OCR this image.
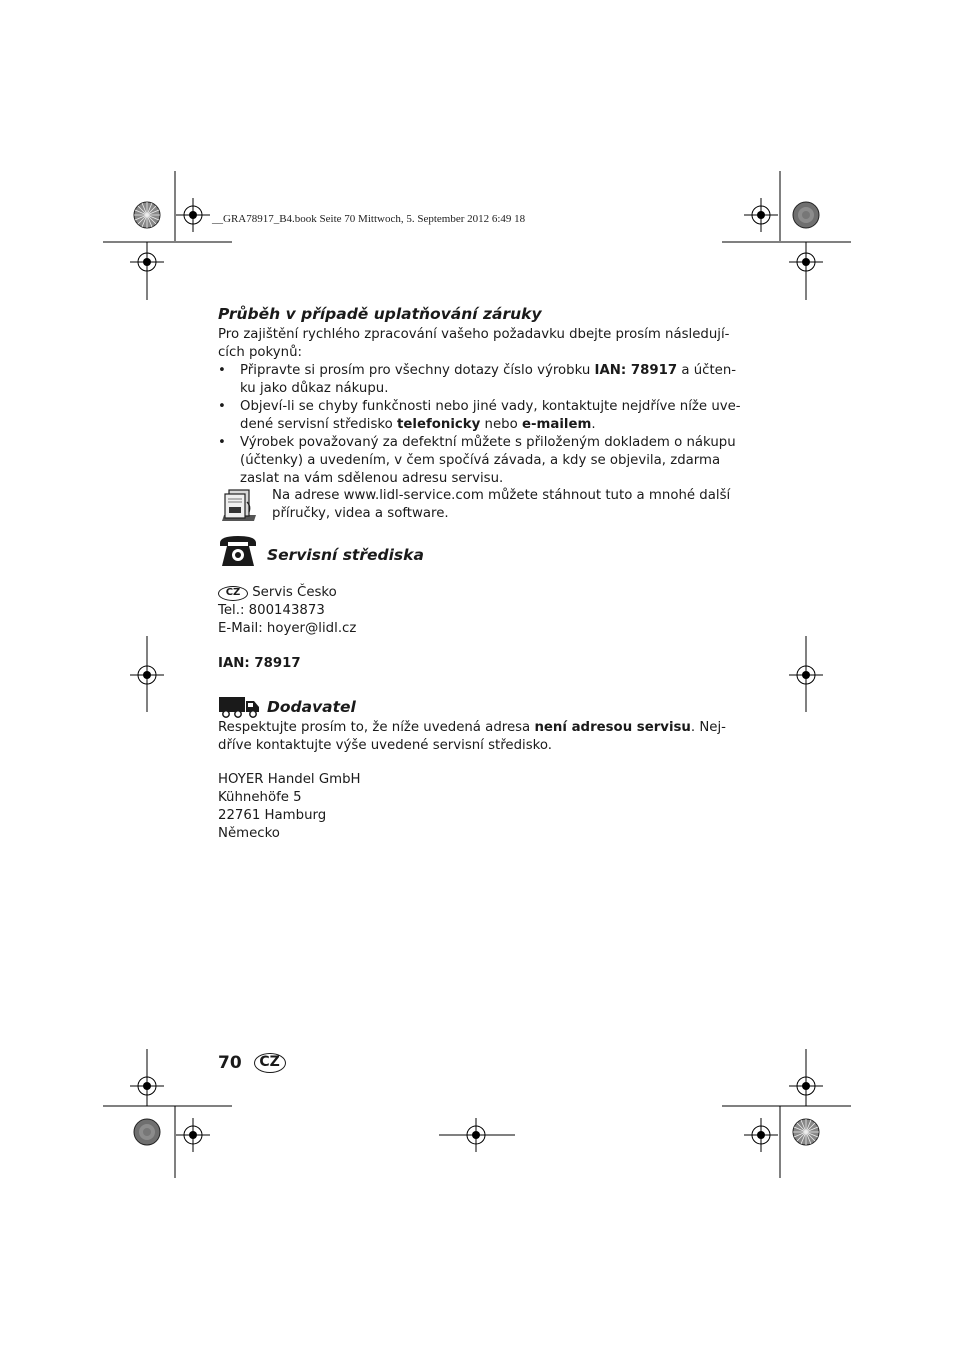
__GRA78917_B4.book Seite 70 Mittwoch, 5. September 2012 6:49 18
Průběh v případě uplatňování záruky
Pro zajištění rychlého zpracování vašeho požadavku dbejte prosím následují-
cích pokynů:
• Připravte si prosím pro všechny dotazy číslo výrobku IAN: 78917 a účten-
ku jako důkaz nákupu.
• Objeví-li se chyby funkčnosti nebo jiné vady, kontaktujte nejdříve níže uve-
dené servisní středisko telefonicky nebo e-mailem.
• Výrobek považovaný za defektní můžete s přiloženým dokladem o nákupu
(účtenky) a uvedením, v čem spočívá závada, a kdy se objevila, zdarma
zaslat na vám sdělenou adresu servisu.
Na adrese www.lidl-service.com můžete stáhnout tuto a mnohé další
příručky, videa a software.
Servisní střediska
CZ Servis Česko
Tel.: 800143873
E-Mail: hoyer@lidl.cz
IAN: 78917
Dodavatel
Respektujte prosím to, že níže uvedená adresa není adresou servisu. Nej-
dříve kontaktujte výše uvedené servisní středisko.
HOYER Handel GmbH
Kühnehöfe 5
22761 Hamburg
Německo
70 CZ
